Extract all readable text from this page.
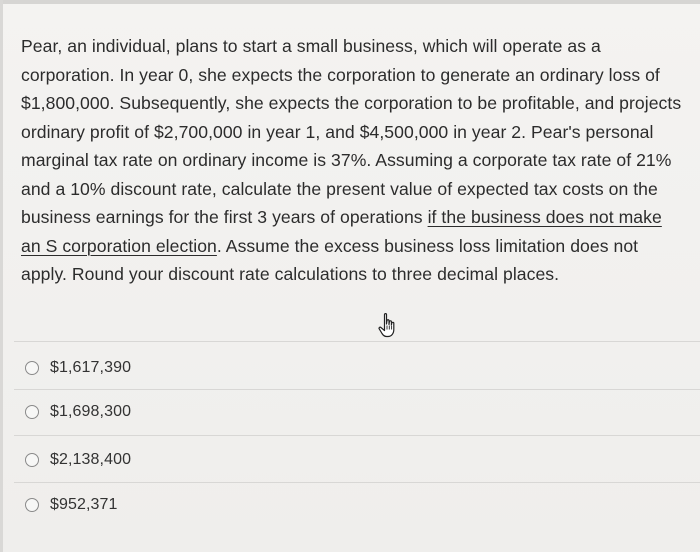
Pear, an individual, plans to start a small business, which will operate as a corporation. In year 0, she expects the corporation to generate an ordinary loss of $1,800,000. Subsequently, she expects the corporation to be profitable, and projects ordinary profit of $2,700,000 in year 1, and $4,500,000 in year 2. Pear's personal marginal tax rate on ordinary income is 37%. Assuming a corporate tax rate of 21% and a 10% discount rate, calculate the present value of expected tax costs on the business earnings for the first 3 years of operations if the business does not make an S corporation election. Assume the excess business loss limitation does not apply. Round your discount rate calculations to three decimal places.
$1,617,390
$1,698,300
$2,138,400
$952,371
